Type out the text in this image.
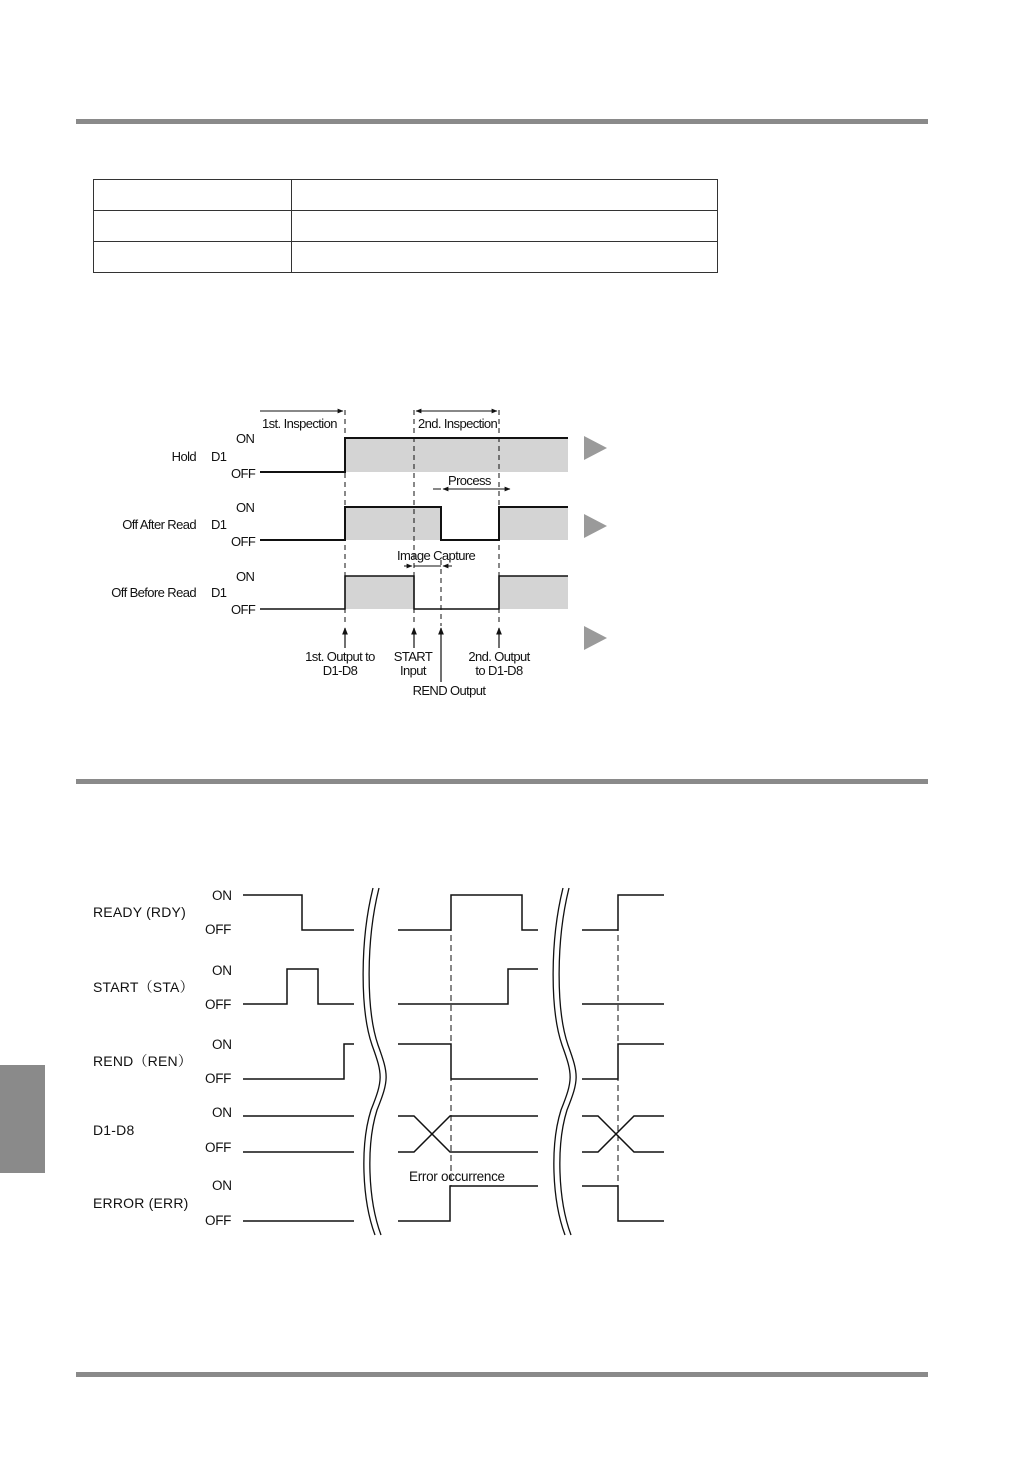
Hold
Off After Read
Off Before Read
D1
D1
D1
ON
OFF
ON
OFF
ON
OFF
1st. Inspection	2nd. Inspection
Process
Image Capture
1st. Output to
D1-D8
START
Input
2nd. Output
to D1-D8
REND Output
READY (RDY)
START（STA）
REND（REN）
D1-D8
ERROR (ERR)
ON
OFF
ON
OFF
ON
OFF
ON
OFF
ON
OFF
Error occurrence
